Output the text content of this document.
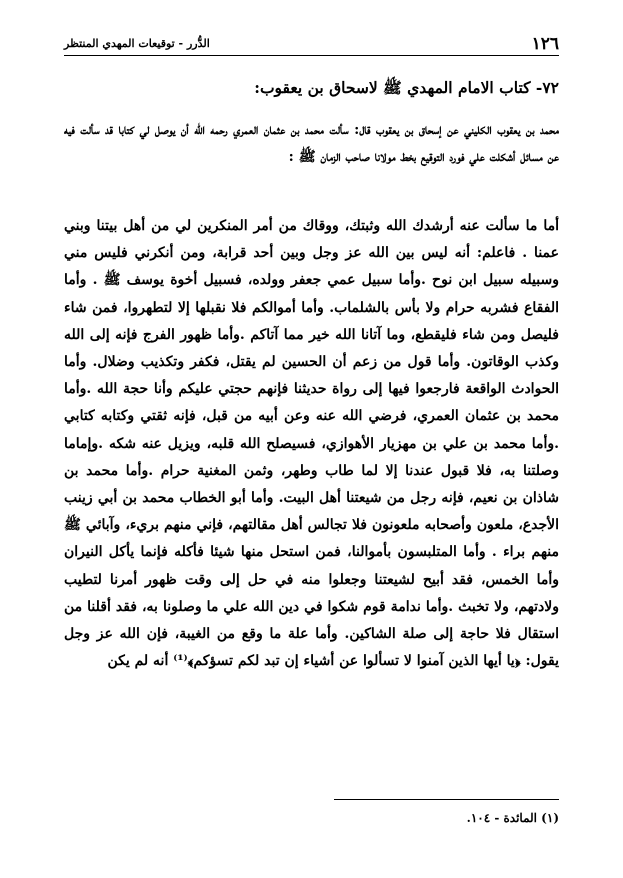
١٢٦
الدُّرر - توقيعات المهدي المنتظر
٧٢- كتاب الامام المهدي ﷺ لاسحاق بن يعقوب:

محمد بن يعقوب الكليني عن إسحاق بن يعقوب قال: سألت محمد بن عثمان العمري رحمه الله أن يوصل لي كتابا قد سألت فيه عن مسائل أشكلت علي فورد التوقيع بخط مولانا صاحب الزمان ﷺ :

أما ما سألت عنه أرشدك الله وثبتك، ووقاك من أمر المنكرين لي من أهل بيتنا وبني عمنا . فاعلم: أنه ليس بين الله عز وجل وبين أحد قرابة، ومن أنكرني فليس مني وسبيله سبيل ابن نوح .وأما سبيل عمي جعفر وولده، فسبيل أخوة يوسف ﷺ . وأما الفقاع فشربه حرام ولا بأس بالشلماب. وأما أموالكم فلا نقبلها إلا لتطهروا، فمن شاء فليصل ومن شاء فليقطع، وما آتانا الله خير مما آتاكم .وأما ظهور الفرج فإنه إلى الله وكذب الوقاتون. وأما قول من زعم أن الحسين لم يقتل، فكفر وتكذيب وضلال. وأما الحوادث الواقعة فارجعوا فيها إلى رواة حديثنا فإنهم حجتي عليكم وأنا حجة الله .وأما محمد بن عثمان العمري، فرضي الله عنه وعن أبيه من قبل، فإنه ثقتي وكتابه كتابي .وأما محمد بن علي بن مهزيار الأهوازي، فسيصلح الله قلبه، ويزيل عنه شكه .وإماما وصلتنا به، فلا قبول عندنا إلا لما طاب وطهر، وثمن المغنية حرام .وأما محمد بن شاذان بن نعيم، فإنه رجل من شيعتنا أهل البيت. وأما أبو الخطاب محمد بن أبي زينب الأجدع، ملعون وأصحابه ملعونون فلا تجالس أهل مقالتهم، فإني منهم بريء، وآبائي ﷺ منهم براء . وأما المتلبسون بأموالنا، فمن استحل منها شيئا فأكله فإنما يأكل النيران وأما الخمس، فقد أبيح لشيعتنا وجعلوا منه في حل إلى وقت ظهور أمرنا لتطيب ولادتهم، ولا تخبث .وأما ندامة قوم شكوا في دين الله علي ما وصلونا به، فقد أقلنا من استقال فلا حاجة إلى صلة الشاكين. وأما علة ما وقع من الغيبة، فإن الله عز وجل يقول: ﴿يا أيها الذين آمنوا لا تسألوا عن أشياء إن تبد لكم تسؤكم﴾⁽¹⁾ أنه لم يكن

(١) المائدة - ١٠٤.
